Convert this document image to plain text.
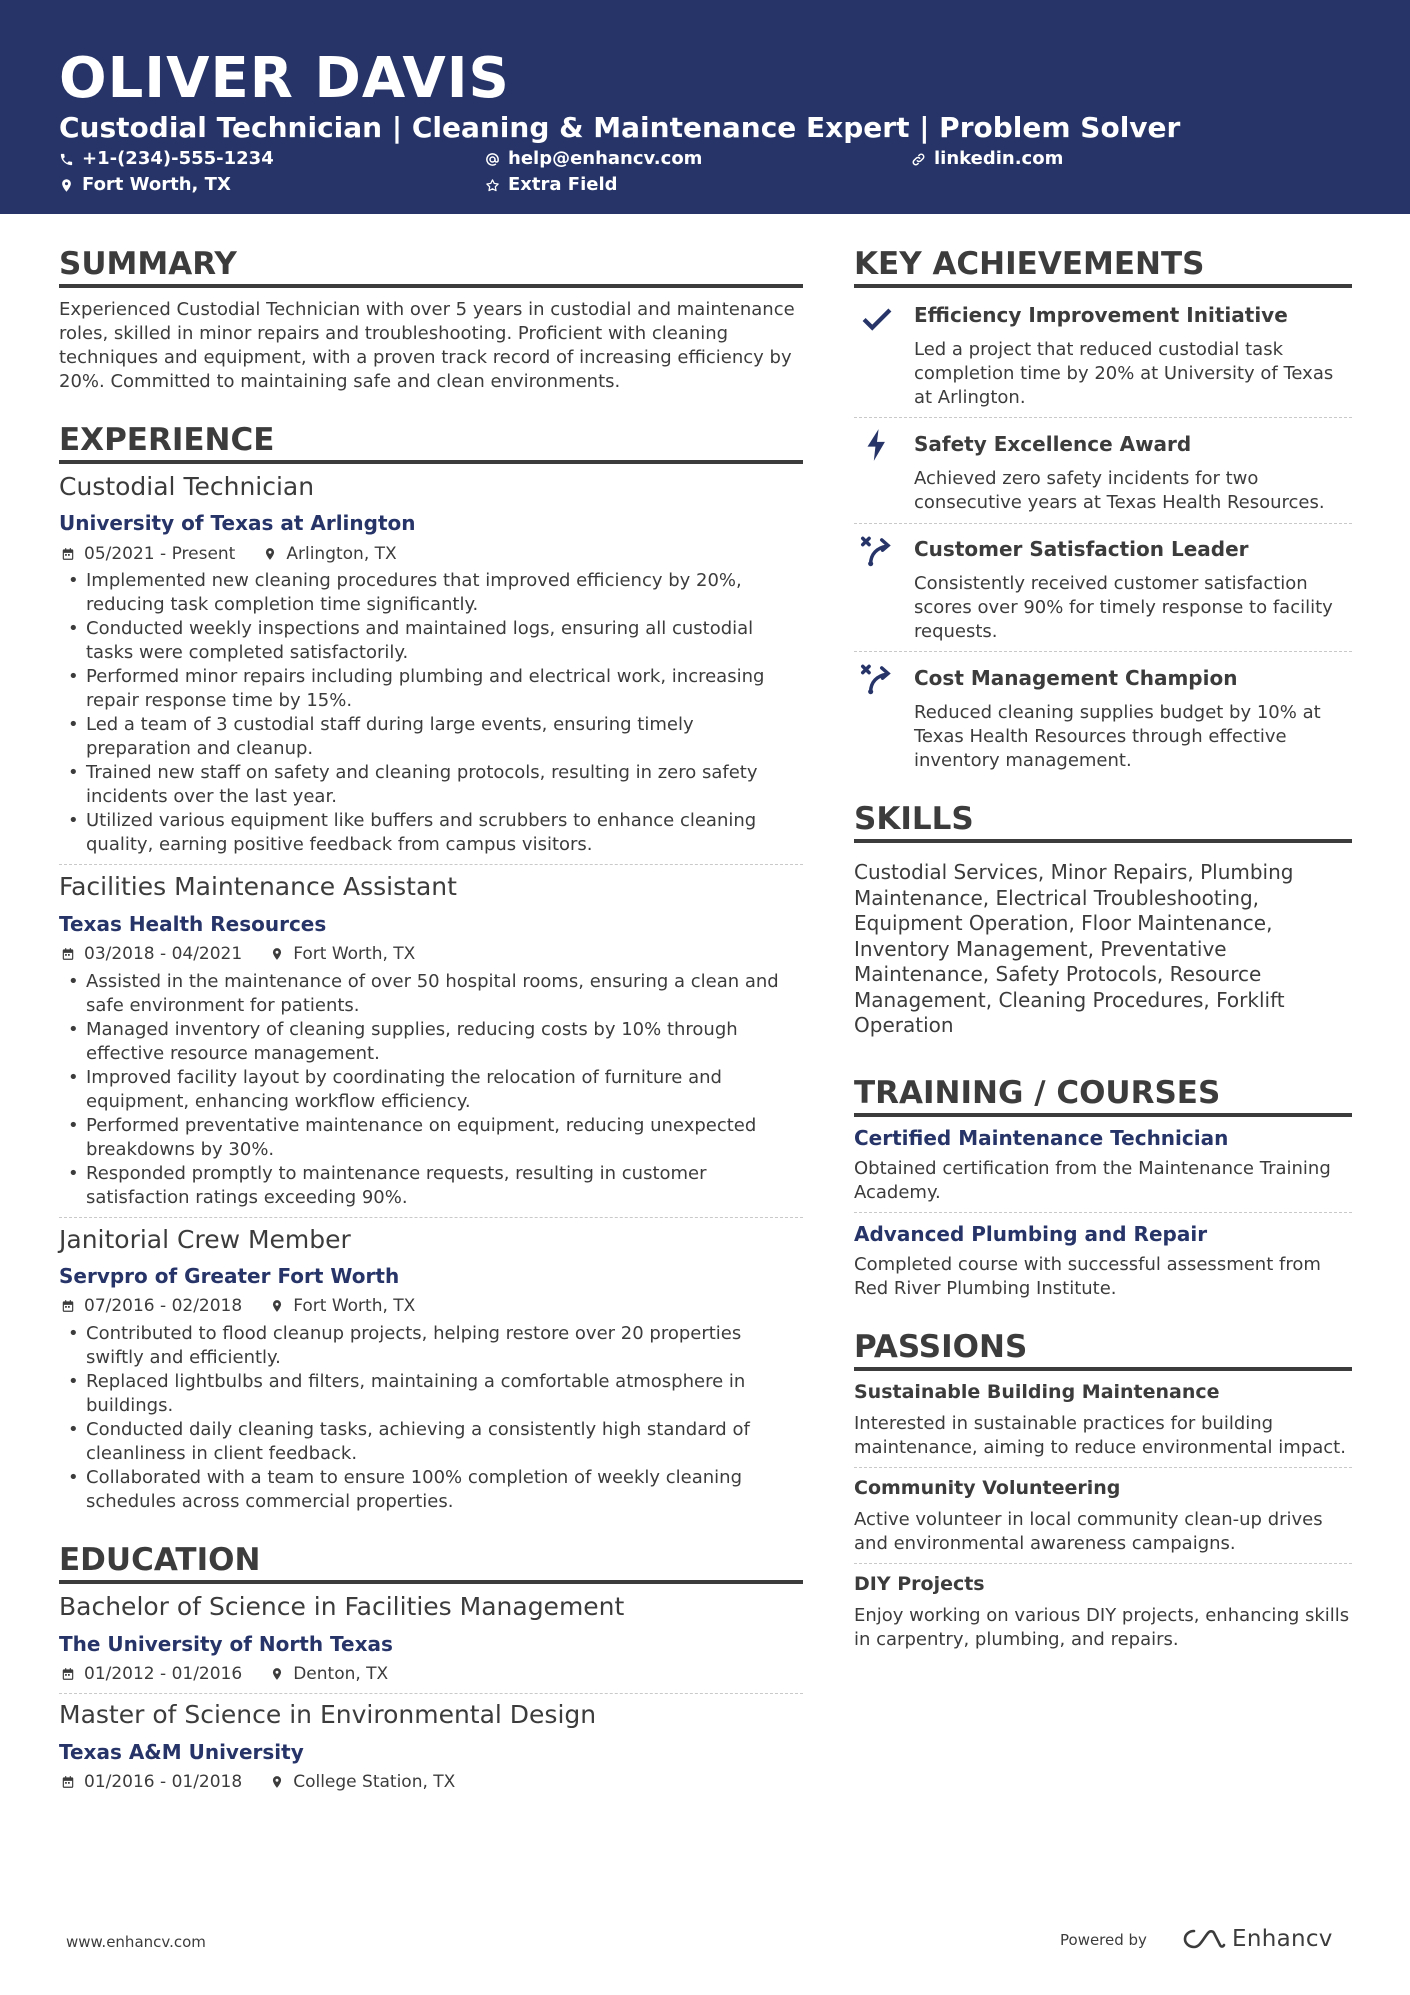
OLIVER DAVIS
Custodial Technician | Cleaning & Maintenance Expert | Problem Solver
+1-(234)-555-1234	help@enhancv.com	linkedin.com
Fort Worth, TX	Extra Field
SUMMARY
Experienced Custodial Technician with over 5 years in custodial and maintenance roles, skilled in minor repairs and troubleshooting. Proficient with cleaning techniques and equipment, with a proven track record of increasing efficiency by 20%. Committed to maintaining safe and clean environments.
EXPERIENCE
Custodial Technician
University of Texas at Arlington
05/2021 - Present	Arlington, TX
• Implemented new cleaning procedures that improved efficiency by 20%, reducing task completion time significantly.
• Conducted weekly inspections and maintained logs, ensuring all custodial tasks were completed satisfactorily.
• Performed minor repairs including plumbing and electrical work, increasing repair response time by 15%.
• Led a team of 3 custodial staff during large events, ensuring timely preparation and cleanup.
• Trained new staff on safety and cleaning protocols, resulting in zero safety incidents over the last year.
• Utilized various equipment like buffers and scrubbers to enhance cleaning quality, earning positive feedback from campus visitors.
Facilities Maintenance Assistant
Texas Health Resources
03/2018 - 04/2021	Fort Worth, TX
• Assisted in the maintenance of over 50 hospital rooms, ensuring a clean and safe environment for patients.
• Managed inventory of cleaning supplies, reducing costs by 10% through effective resource management.
• Improved facility layout by coordinating the relocation of furniture and equipment, enhancing workflow efficiency.
• Performed preventative maintenance on equipment, reducing unexpected breakdowns by 30%.
• Responded promptly to maintenance requests, resulting in customer satisfaction ratings exceeding 90%.
Janitorial Crew Member
Servpro of Greater Fort Worth
07/2016 - 02/2018	Fort Worth, TX
• Contributed to flood cleanup projects, helping restore over 20 properties swiftly and efficiently.
• Replaced lightbulbs and filters, maintaining a comfortable atmosphere in buildings.
• Conducted daily cleaning tasks, achieving a consistently high standard of cleanliness in client feedback.
• Collaborated with a team to ensure 100% completion of weekly cleaning schedules across commercial properties.
EDUCATION
Bachelor of Science in Facilities Management
The University of North Texas
01/2012 - 01/2016	Denton, TX
Master of Science in Environmental Design
Texas A&M University
01/2016 - 01/2018	College Station, TX
KEY ACHIEVEMENTS
Efficiency Improvement Initiative
Led a project that reduced custodial task completion time by 20% at University of Texas at Arlington.
Safety Excellence Award
Achieved zero safety incidents for two consecutive years at Texas Health Resources.
Customer Satisfaction Leader
Consistently received customer satisfaction scores over 90% for timely response to facility requests.
Cost Management Champion
Reduced cleaning supplies budget by 10% at Texas Health Resources through effective inventory management.
SKILLS
Custodial Services, Minor Repairs, Plumbing Maintenance, Electrical Troubleshooting, Equipment Operation, Floor Maintenance, Inventory Management, Preventative Maintenance, Safety Protocols, Resource Management, Cleaning Procedures, Forklift Operation
TRAINING / COURSES
Certified Maintenance Technician
Obtained certification from the Maintenance Training Academy.
Advanced Plumbing and Repair
Completed course with successful assessment from Red River Plumbing Institute.
PASSIONS
Sustainable Building Maintenance
Interested in sustainable practices for building maintenance, aiming to reduce environmental impact.
Community Volunteering
Active volunteer in local community clean-up drives and environmental awareness campaigns.
DIY Projects
Enjoy working on various DIY projects, enhancing skills in carpentry, plumbing, and repairs.
www.enhancv.com	Powered by	Enhancv
